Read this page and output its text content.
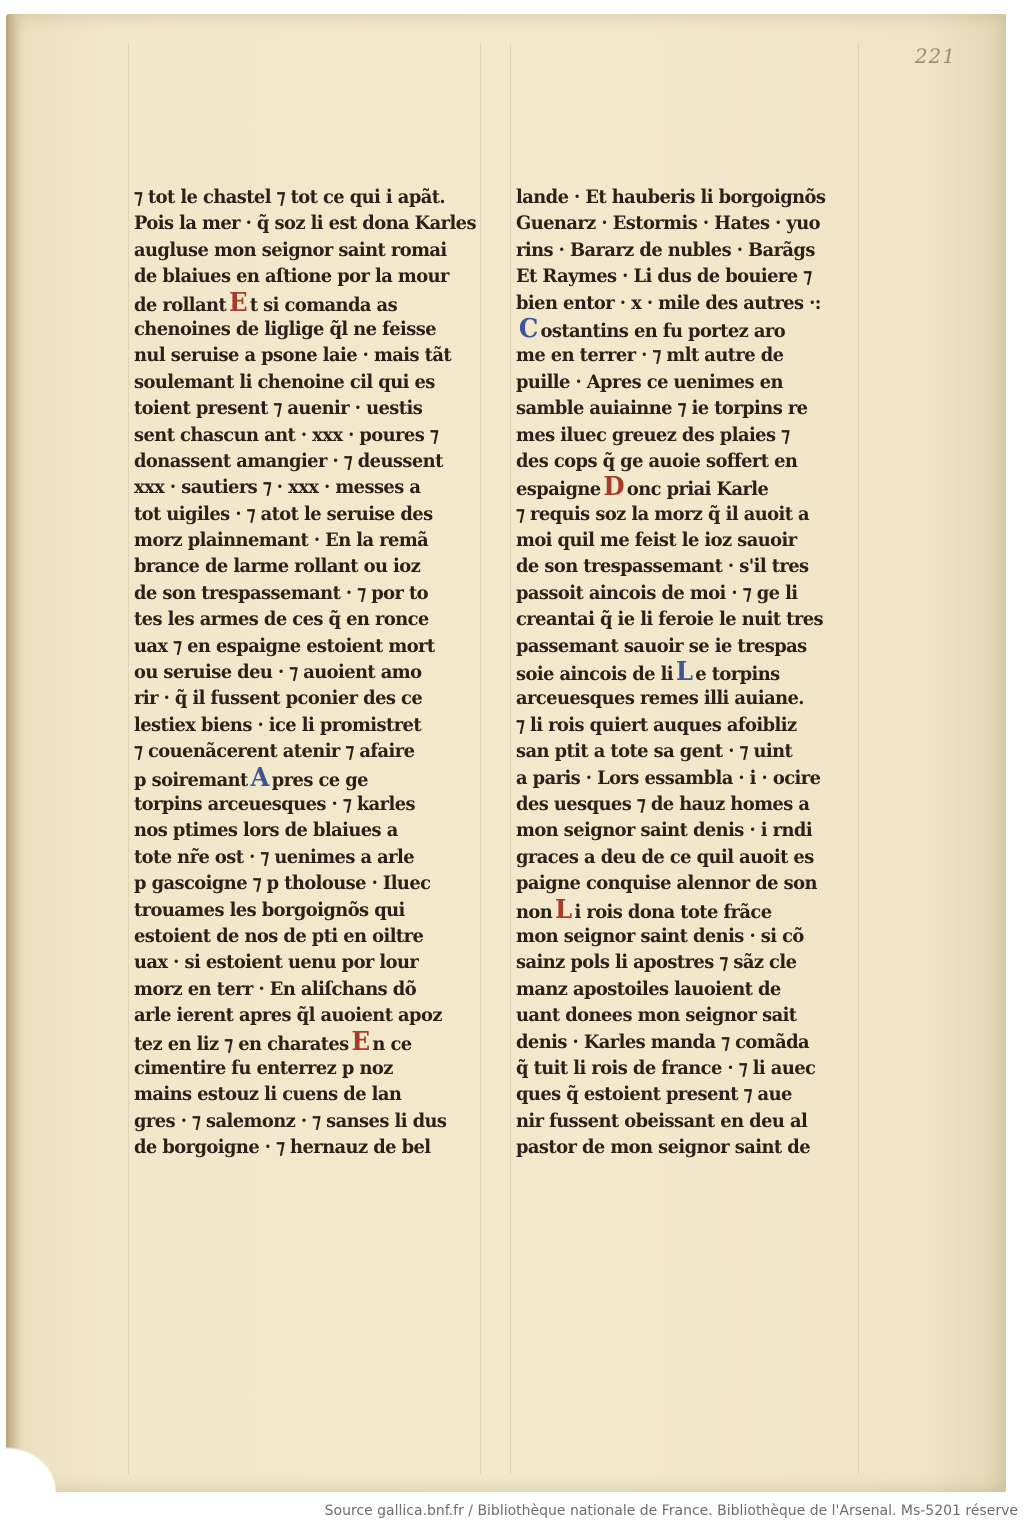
221
⁊ tot le chastel ⁊ tot ce qui i apãt.
Pois la mer · q̃ soz li est dona Karles
augluse mon seignor saint romai
de blaiues en aſtione por la mour
de rollant E t si comanda as
chenoines de liglige q̃l ne feisse
nul seruise a psone laie · mais tãt
soulemant li chenoine cil qui es
toient present ⁊ auenir · uestis
sent chascun ant · xxx · poures ⁊
donassent amangier · ⁊ deussent
xxx · sautiers ⁊ · xxx · messes a
tot uigiles · ⁊ atot le seruise des
morz plainnemant · En la remã
brance de larme rollant ou ioz
de son trespassemant · ⁊ por to
tes les armes de ces q̃ en ronce
uax ⁊ en espaigne estoient mort
ou seruise deu · ⁊ auoient amo
rir · q̃ il fussent pconier des ce
lestiex biens · ice li promistret
⁊ couenãcerent atenir ⁊ afaire
p soiremant A pres ce ge
torpins arceuesques · ⁊ karles
nos ptimes lors de blaiues a
tote nr̃e ost · ⁊ uenimes a arle
p gascoigne ⁊ p tholouse · Iluec
trouames les borgoignõs qui
estoient de nos de pti en oiltre
uax · si estoient uenu por lour
morz en terr · En aliſchans dõ
arle ierent apres q̃l auoient apoz
tez en liz ⁊ en charates E n ce
cimentire fu enterrez p noz
mains estouz li cuens de lan
gres · ⁊ salemonz · ⁊ sanses li dus
de borgoigne · ⁊ hernauz de bel
lande · Et hauberis li borgoignõs
Guenarz · Estormis · Hates · yuo
rins · Bararz de nubles · Barãgs
Et Raymes · Li dus de bouiere ⁊
bien entor · x · mile des autres ·:
C ostantins en fu portez aro
me en terrer · ⁊ mlt autre de
puille · Apres ce uenimes en
samble auiainne ⁊ ie torpins re
mes iluec greuez des plaies ⁊
des cops q̃ ge auoie soffert en
espaigne D onc priai Karle
⁊ requis soz la morz q̃ il auoit a
moi quil me feist le ioz sauoir
de son trespassemant · s'il tres
passoit aincois de moi · ⁊ ge li
creantai q̃ ie li feroie le nuit tres
passemant sauoir se ie trespas
soie aincois de li L e torpins
arceuesques remes illi auiane.
⁊ li rois quiert auques afoibliz
san ptit a tote sa gent · ⁊ uint
a paris · Lors essambla · i · ocire
des uesques ⁊ de hauz homes a
mon seignor saint denis · i rndi
graces a deu de ce quil auoit es
paigne conquise alennor de son
non L i rois dona tote frãce
mon seignor saint denis · si cõ
sainz pols li apostres ⁊ sãz cle
manz apostoiles lauoient de
uant donees mon seignor sait
denis · Karles manda ⁊ comãda
q̃ tuit li rois de france · ⁊ li auec
ques q̃ estoient present ⁊ aue
nir fussent obeissant en deu al
pastor de mon seignor saint de
Source gallica.bnf.fr / Bibliothèque nationale de France. Bibliothèque de l'Arsenal. Ms-5201 réserve
